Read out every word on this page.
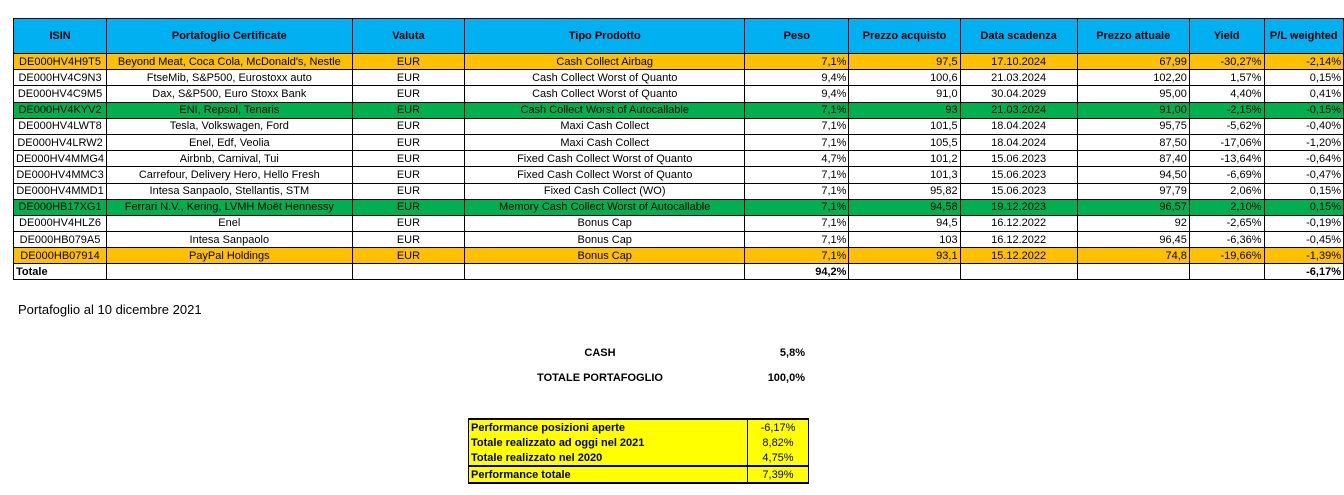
ISIN	Portafoglio Certificate	Valuta	Tipo Prodotto	Peso	Prezzo acquisto	Data scadenza	Prezzo attuale	Yield	P/L weighted
DE000HV4H9T5	Beyond Meat, Coca Cola, McDonald's, Nestle	EUR	Cash Collect Airbag	7,1%	97,5	17.10.2024	67,99	-30,27%	-2,14%
DE000HV4C9N3	FtseMib, S&P500, Eurostoxx auto	EUR	Cash Collect Worst of Quanto	9,4%	100,6	21.03.2024	102,20	1,57%	0,15%
DE000HV4C9M5	Dax, S&P500, Euro Stoxx Bank	EUR	Cash Collect Worst of Quanto	9,4%	91,0	30.04.2029	95,00	4,40%	0,41%
DE000HV4KYV2	ENI, Repsol, Tenaris	EUR	Cash Collect Worst of Autocallable	7,1%	93	21.03.2024	91,00	-2,15%	-0,15%
DE000HV4LWT8	Tesla, Volkswagen, Ford	EUR	Maxi Cash Collect	7,1%	101,5	18.04.2024	95,75	-5,62%	-0,40%
DE000HV4LRW2	Enel, Edf, Veolia	EUR	Maxi Cash Collect	7,1%	105,5	18.04.2024	87,50	-17,06%	-1,20%
DE000HV4MMG4	Airbnb, Carnival, Tui	EUR	Fixed Cash Collect Worst of Quanto	4,7%	101,2	15.06.2023	87,40	-13,64%	-0,64%
DE000HV4MMC3	Carrefour, Delivery Hero, Hello Fresh	EUR	Fixed Cash Collect Worst of Quanto	7,1%	101,3	15.06.2023	94,50	-6,69%	-0,47%
DE000HV4MMD1	Intesa Sanpaolo, Stellantis, STM	EUR	Fixed Cash Collect (WO)	7,1%	95,82	15.06.2023	97,79	2,06%	0,15%
DE000HB17XG1	Ferrari N.V., Kering, LVMH Moët Hennessy	EUR	Memory Cash Collect Worst of Autocallable	7,1%	94,58	19.12.2023	96,57	2,10%	0,15%
DE000HV4HLZ6	Enel	EUR	Bonus Cap	7,1%	94,5	16.12.2022	92	-2,65%	-0,19%
DE000HB079A5	Intesa Sanpaolo	EUR	Bonus Cap	7,1%	103	16.12.2022	96,45	-6,36%	-0,45%
DE000HB07914	PayPal Holdings	EUR	Bonus Cap	7,1%	93,1	15.12.2022	74,8	-19,66%	-1,39%
Totale				94,2%					-6,17%
Portafoglio al 10 dicembre 2021
CASH	5,8%
TOTALE PORTAFOGLIO	100,0%
Performance posizioni aperte	-6,17%
Totale realizzato ad oggi nel 2021	8,82%
Totale realizzato nel 2020	4,75%
Performance totale	7,39%
